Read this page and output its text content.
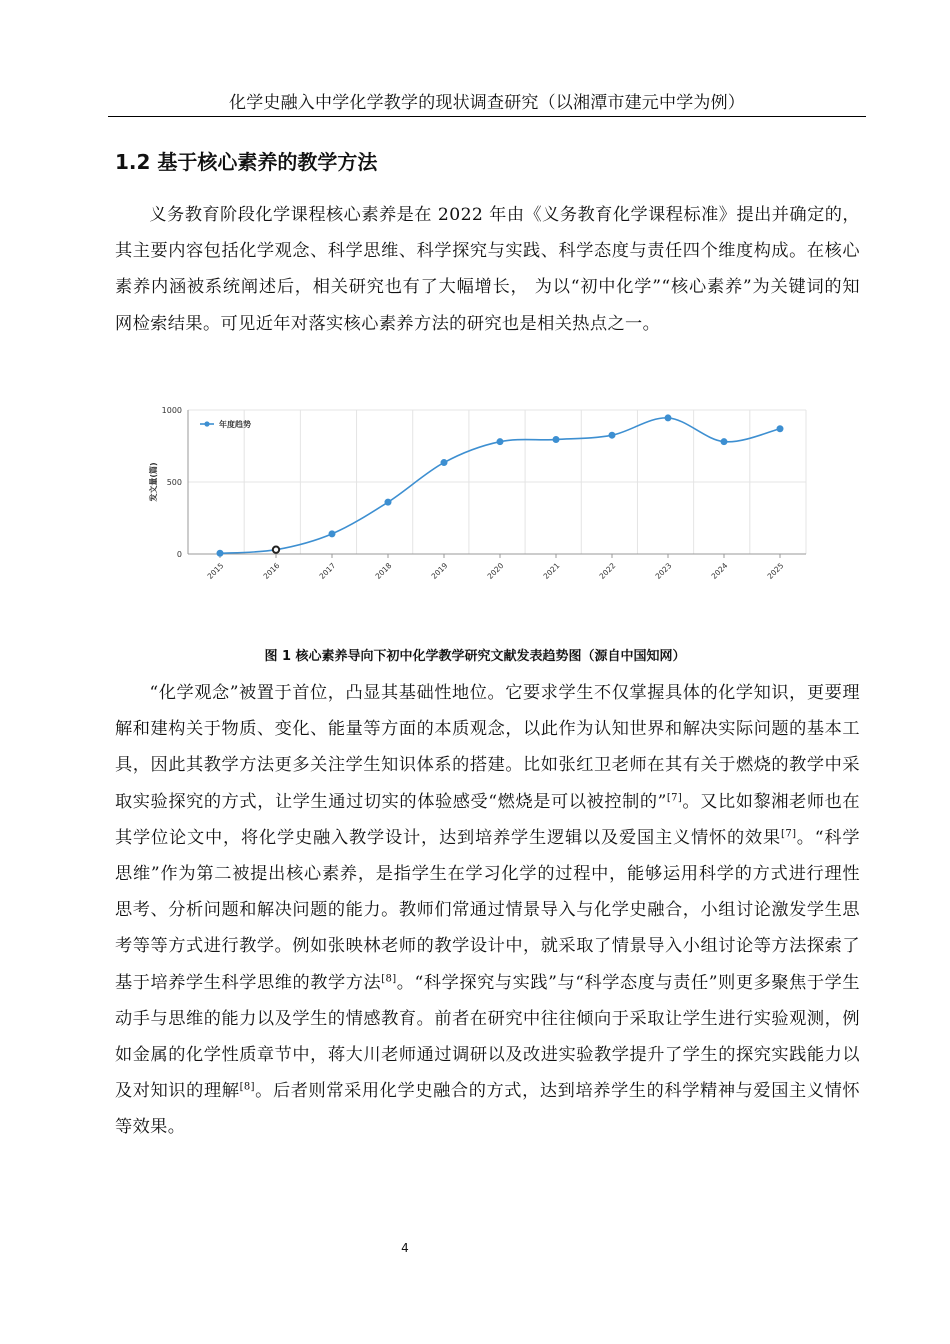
化学史融入中学化学教学的现状调查研究（以湘潭市建元中学为例）
1.2 基于核心素养的教学方法

义务教育阶段化学课程核心素养是在 2022 年由《义务教育化学课程标准》提出并确定的，其主要内容包括化学观念、科学思维、科学探究与实践、科学态度与责任四个维度构成。在核心素养内涵被系统阐述后，相关研究也有了大幅增长， 为以“初中化学”“核心素养”为关键词的知网检索结果。可见近年对落实核心素养方法的研究也是相关热点之一。

0
500
1000
发文量(篇)
2015	2016	2017	2018	2019	2020	2021	2022	2023	2024	2025
年度趋势
图 1 核心素养导向下初中化学教学研究文献发表趋势图（源自中国知网）

“化学观念”被置于首位，凸显其基础性地位。它要求学生不仅掌握具体的化学知识，更要理解和建构关于物质、变化、能量等方面的本质观念，以此作为认知世界和解决实际问题的基本工具，因此其教学方法更多关注学生知识体系的搭建。比如张红卫老师在其有关于燃烧的教学中采取实验探究的方式，让学生通过切实的体验感受“燃烧是可以被控制的”[7]。又比如黎湘老师也在其学位论文中，将化学史融入教学设计，达到培养学生逻辑以及爱国主义情怀的效果[7]。“科学思维”作为第二被提出核心素养，是指学生在学习化学的过程中，能够运用科学的方式进行理性思考、分析问题和解决问题的能力。教师们常通过情景导入与化学史融合，小组讨论激发学生思考等等方式进行教学。例如张映林老师的教学设计中，就采取了情景导入小组讨论等方法探索了基于培养学生科学思维的教学方法[8]。“科学探究与实践”与“科学态度与责任”则更多聚焦于学生动手与思维的能力以及学生的情感教育。前者在研究中往往倾向于采取让学生进行实验观测，例如金属的化学性质章节中，蒋大川老师通过调研以及改进实验教学提升了学生的探究实践能力以及对知识的理解[8]。后者则常采用化学史融合的方式，达到培养学生的科学精神与爱国主义情怀等效果。

4
